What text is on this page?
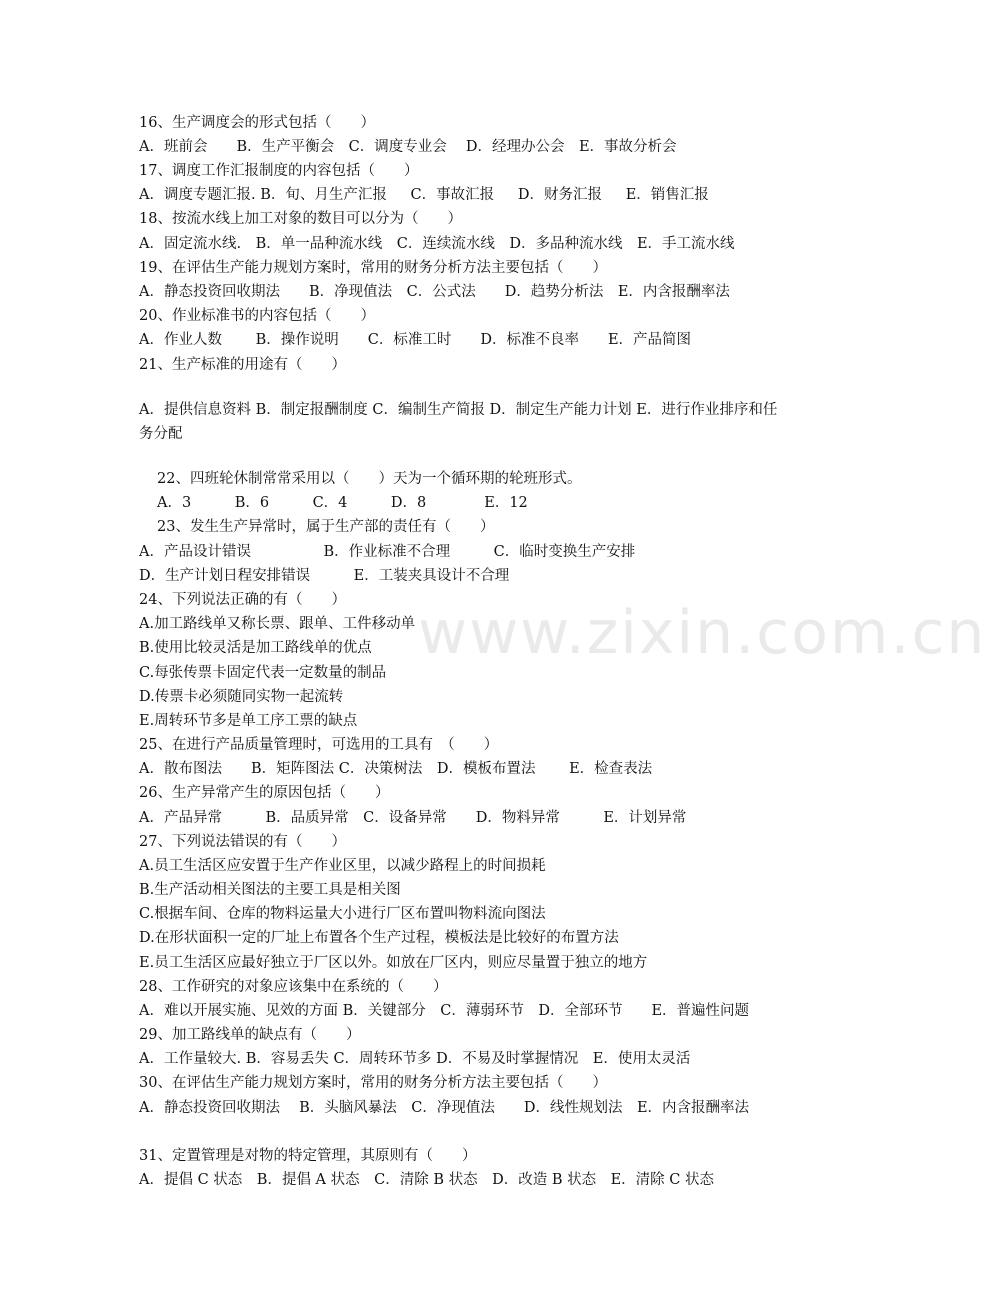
www.zixin.com.cn

16、生产调度会的形式包括（　　）

A．班前会　　B．生产平衡会　C．调度专业会　 D．经理办公会　E．事故分析会

17、调度工作汇报制度的内容包括（　　）

A．调度专题汇报. B．旬、月生产汇报　  C．事故汇报　  D．财务汇报　  E．销售汇报

18、按流水线上加工对象的数目可以分为（　　）

A．固定流水线.　B．单一品种流水线　C．连续流水线　D．多品种流水线　E．手工流水线

19、在评估生产能力规划方案时，常用的财务分析方法主要包括（　　）

A．静态投资回收期法　　B．净现值法　C．公式法　　D．趋势分析法　E．内含报酬率法

20、作业标准书的内容包括（　　）

A．作业人数　　 B．操作说明　　C．标准工时　　D．标准不良率　　E．产品简图

21、生产标准的用途有（　　）

A．提供信息资料 B．制定报酬制度 C．编制生产简报 D．制定生产能力计划 E．进行作业排序和任务分配

22、四班轮休制常常采用以（　　）天为一个循环期的轮班形式。

A．3　　　B．6　　　C．4　　　D．8　　　　E．12

23、发生生产异常时，属于生产部的责任有（　　）

A．产品设计错误　　　　　B．作业标准不合理　　　C．临时变换生产安排

D．生产计划日程安排错误　　　E．工装夹具设计不合理

24、下列说法正确的有（　　）

A.加工路线单又称长票、跟单、工件移动单

B.使用比较灵活是加工路线单的优点

C.每张传票卡固定代表一定数量的制品

D.传票卡必须随同实物一起流转

E.周转环节多是单工序工票的缺点

25、在进行产品质量管理时，可选用的工具有　（　　）

A．散布图法　　B．矩阵图法 C．决策树法　D．模板布置法　　 E．检查表法

26、生产异常产生的原因包括（　　）

A．产品异常　　　B．品质异常　C．设备异常　　D．物料异常　　　E．计划异常

27、下列说法错误的有（　　）

A.员工生活区应安置于生产作业区里，以减少路程上的时间损耗

B.生产活动相关图法的主要工具是相关图

C.根据车间、仓库的物料运量大小进行厂区布置叫物料流向图法

D.在形状面积一定的厂址上布置各个生产过程，模板法是比较好的布置方法

E.员工生活区应最好独立于厂区以外。如放在厂区内，则应尽量置于独立的地方

28、工作研究的对象应该集中在系统的（　　）

A．难以开展实施、见效的方面 B．关键部分　C．薄弱环节　D．全部环节　　E．普遍性问题

29、加工路线单的缺点有（　　）

A．工作量较大. B．容易丢失 C．周转环节多 D．不易及时掌握情况　E．使用太灵活

30、在评估生产能力规划方案时，常用的财务分析方法主要包括（　　）

A．静态投资回收期法　 B．头脑风暴法　C．净现值法　　D．线性规划法　E．内含报酬率法

31、定置管理是对物的特定管理，其原则有（　　）

A．提倡 C 状态　B．提倡 A 状态　C．清除 B 状态　D．改造 B 状态　E．清除 C 状态
